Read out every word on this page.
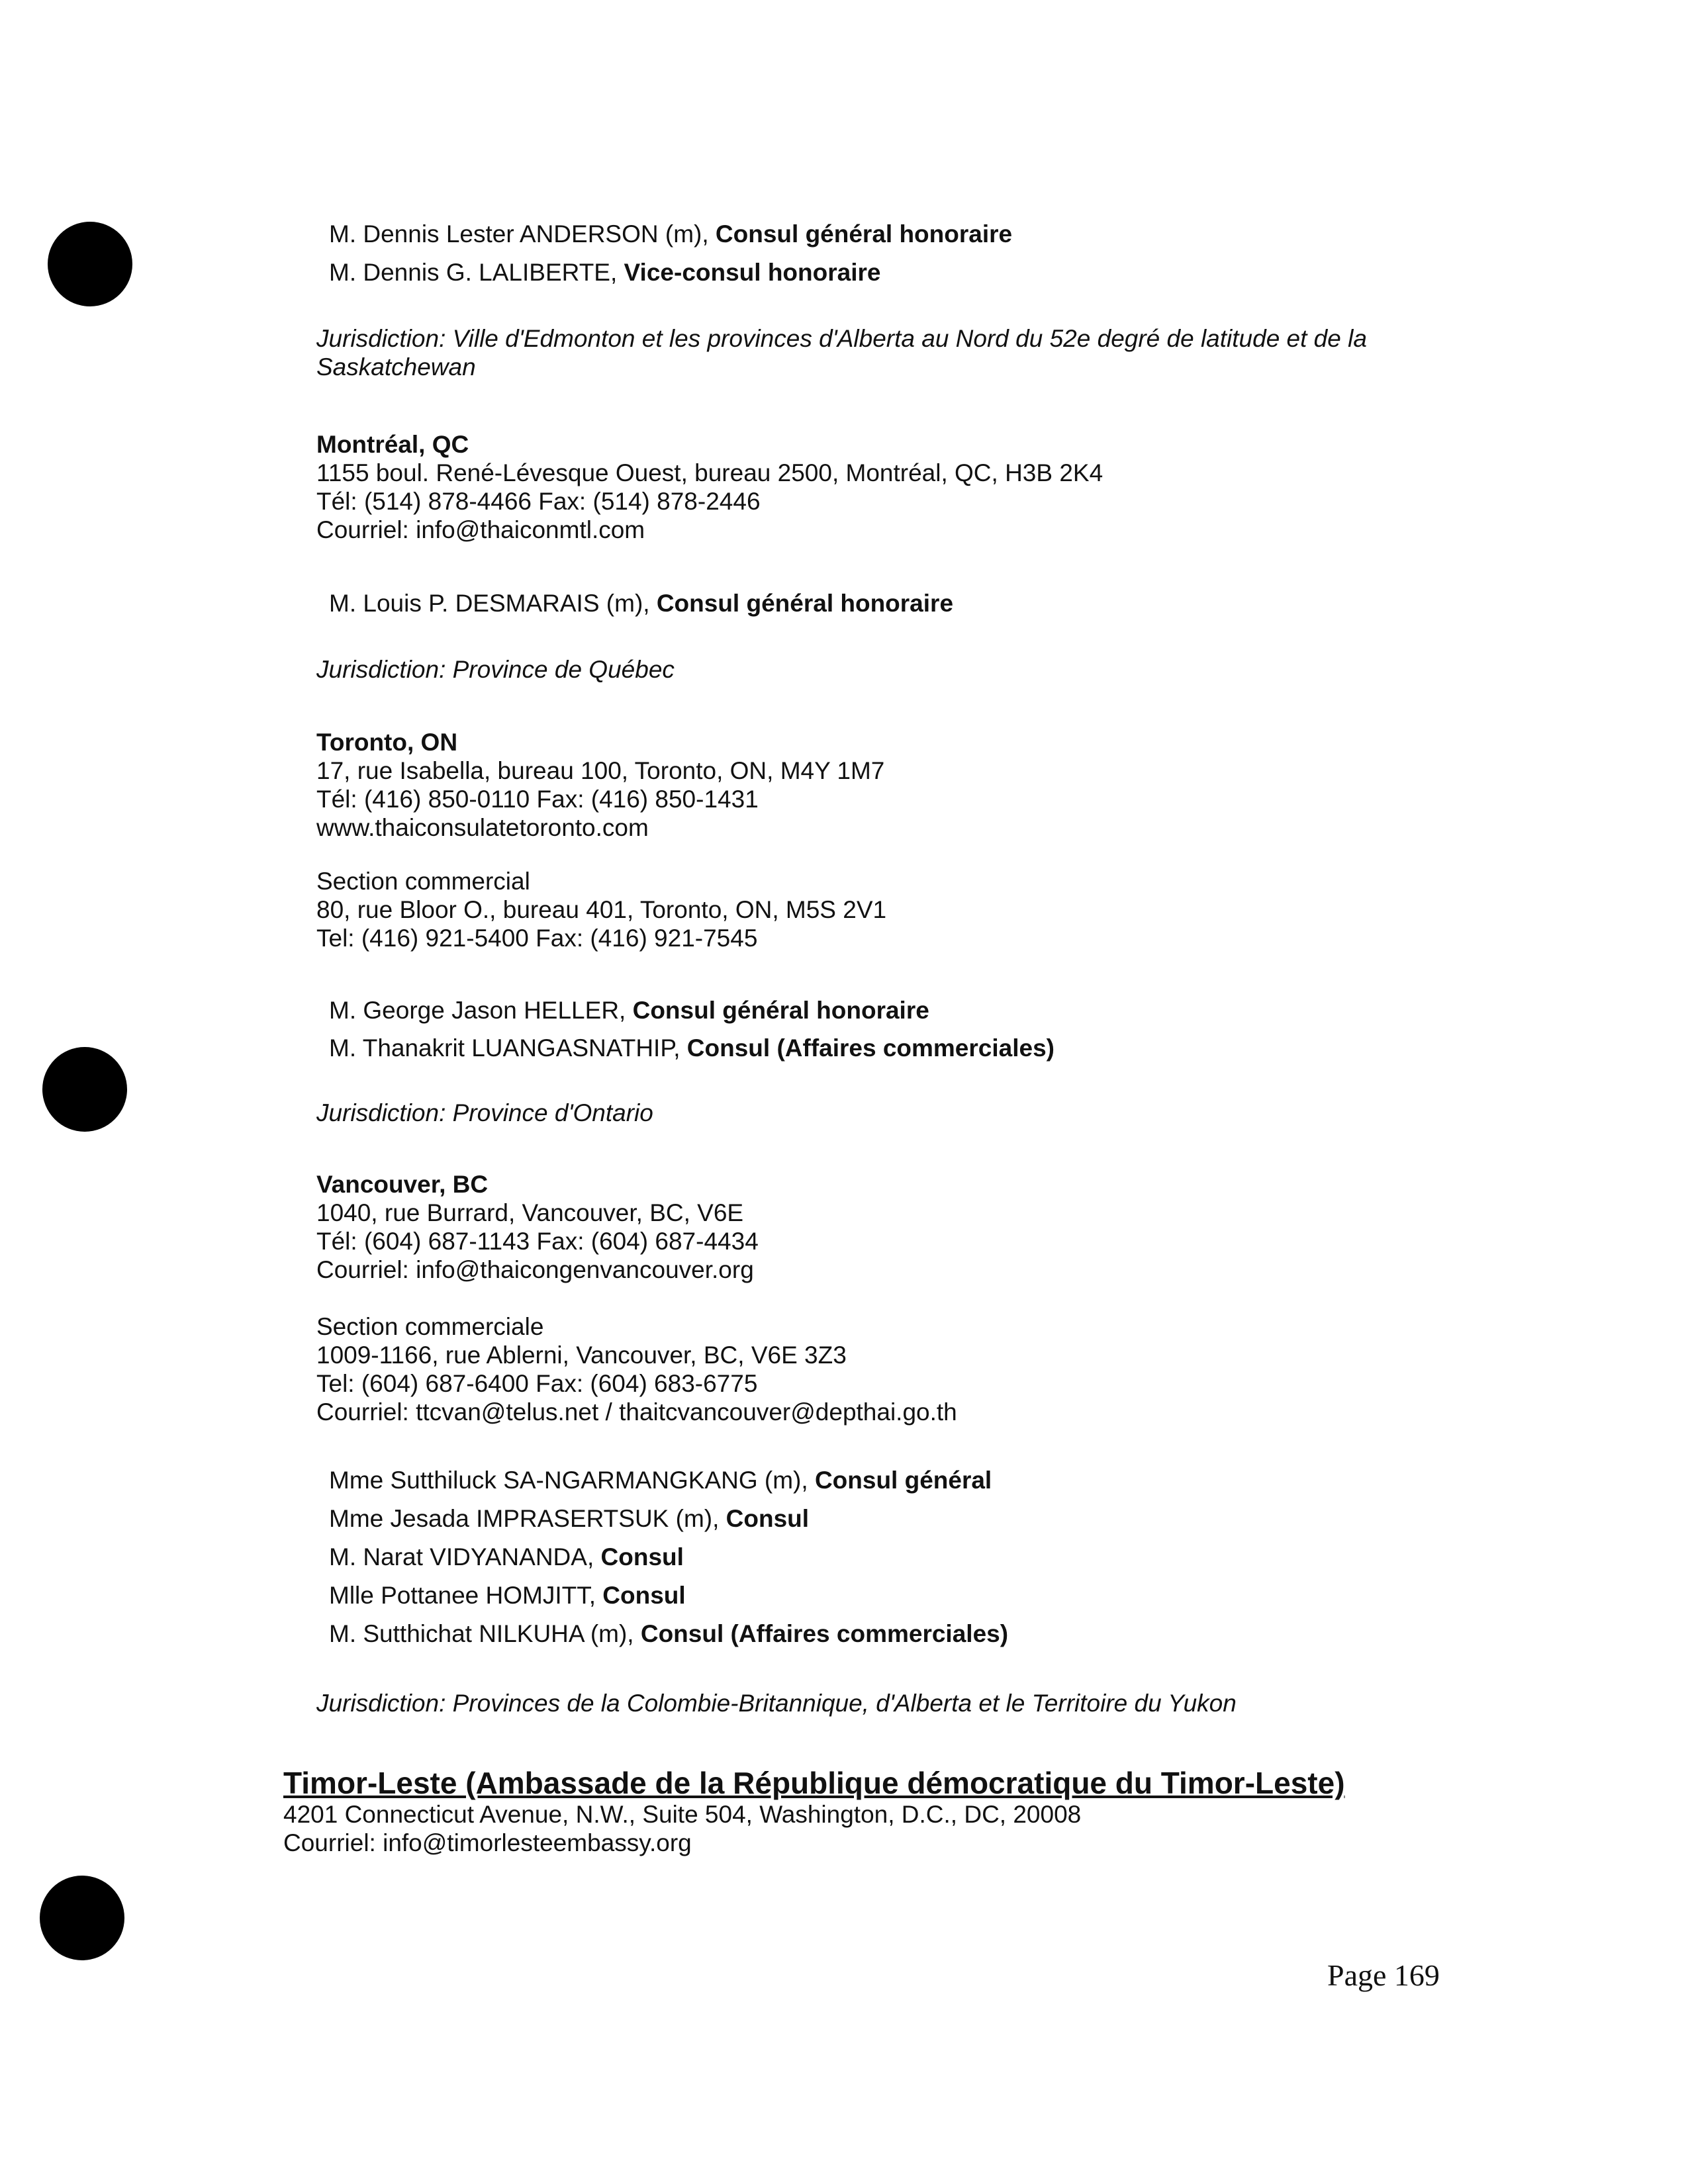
M. Dennis Lester ANDERSON (m), Consul général honoraire
M. Dennis G. LALIBERTE, Vice-consul honoraire
Jurisdiction: Ville d'Edmonton et les provinces d'Alberta au Nord du 52e degré de latitude et de la Saskatchewan
Montréal, QC
1155 boul. René-Lévesque Ouest, bureau 2500, Montréal, QC, H3B 2K4
Tél: (514) 878-4466 Fax: (514) 878-2446
Courriel: info@thaiconmtl.com
M. Louis P. DESMARAIS (m), Consul général honoraire
Jurisdiction: Province de Québec
Toronto, ON
17, rue Isabella, bureau 100, Toronto, ON, M4Y 1M7
Tél: (416) 850-0110 Fax: (416) 850-1431
www.thaiconsulatetoronto.com
Section commercial
80, rue Bloor O., bureau 401, Toronto, ON, M5S 2V1
Tel: (416) 921-5400 Fax: (416) 921-7545
M. George Jason HELLER, Consul général honoraire
M. Thanakrit LUANGASNATHIP, Consul (Affaires commerciales)
Jurisdiction: Province d'Ontario
Vancouver, BC
1040, rue Burrard, Vancouver, BC, V6E
Tél: (604) 687-1143 Fax: (604) 687-4434
Courriel: info@thaicongenvancouver.org
Section commerciale
1009-1166, rue Ablerni, Vancouver, BC, V6E 3Z3
Tel: (604) 687-6400 Fax: (604) 683-6775
Courriel: ttcvan@telus.net / thaitcvancouver@depthai.go.th
Mme Sutthiluck SA-NGARMANGKANG (m), Consul général
Mme Jesada IMPRASERTSUK (m), Consul
M. Narat VIDYANANDA, Consul
Mlle Pottanee HOMJITT, Consul
M. Sutthichat NILKUHA (m), Consul (Affaires commerciales)
Jurisdiction: Provinces de la Colombie-Britannique, d'Alberta et le Territoire du Yukon
Timor-Leste (Ambassade de la République démocratique du Timor-Leste)
4201 Connecticut Avenue, N.W., Suite 504, Washington, D.C., DC, 20008
Courriel: info@timorlesteembassy.org
Page 169
